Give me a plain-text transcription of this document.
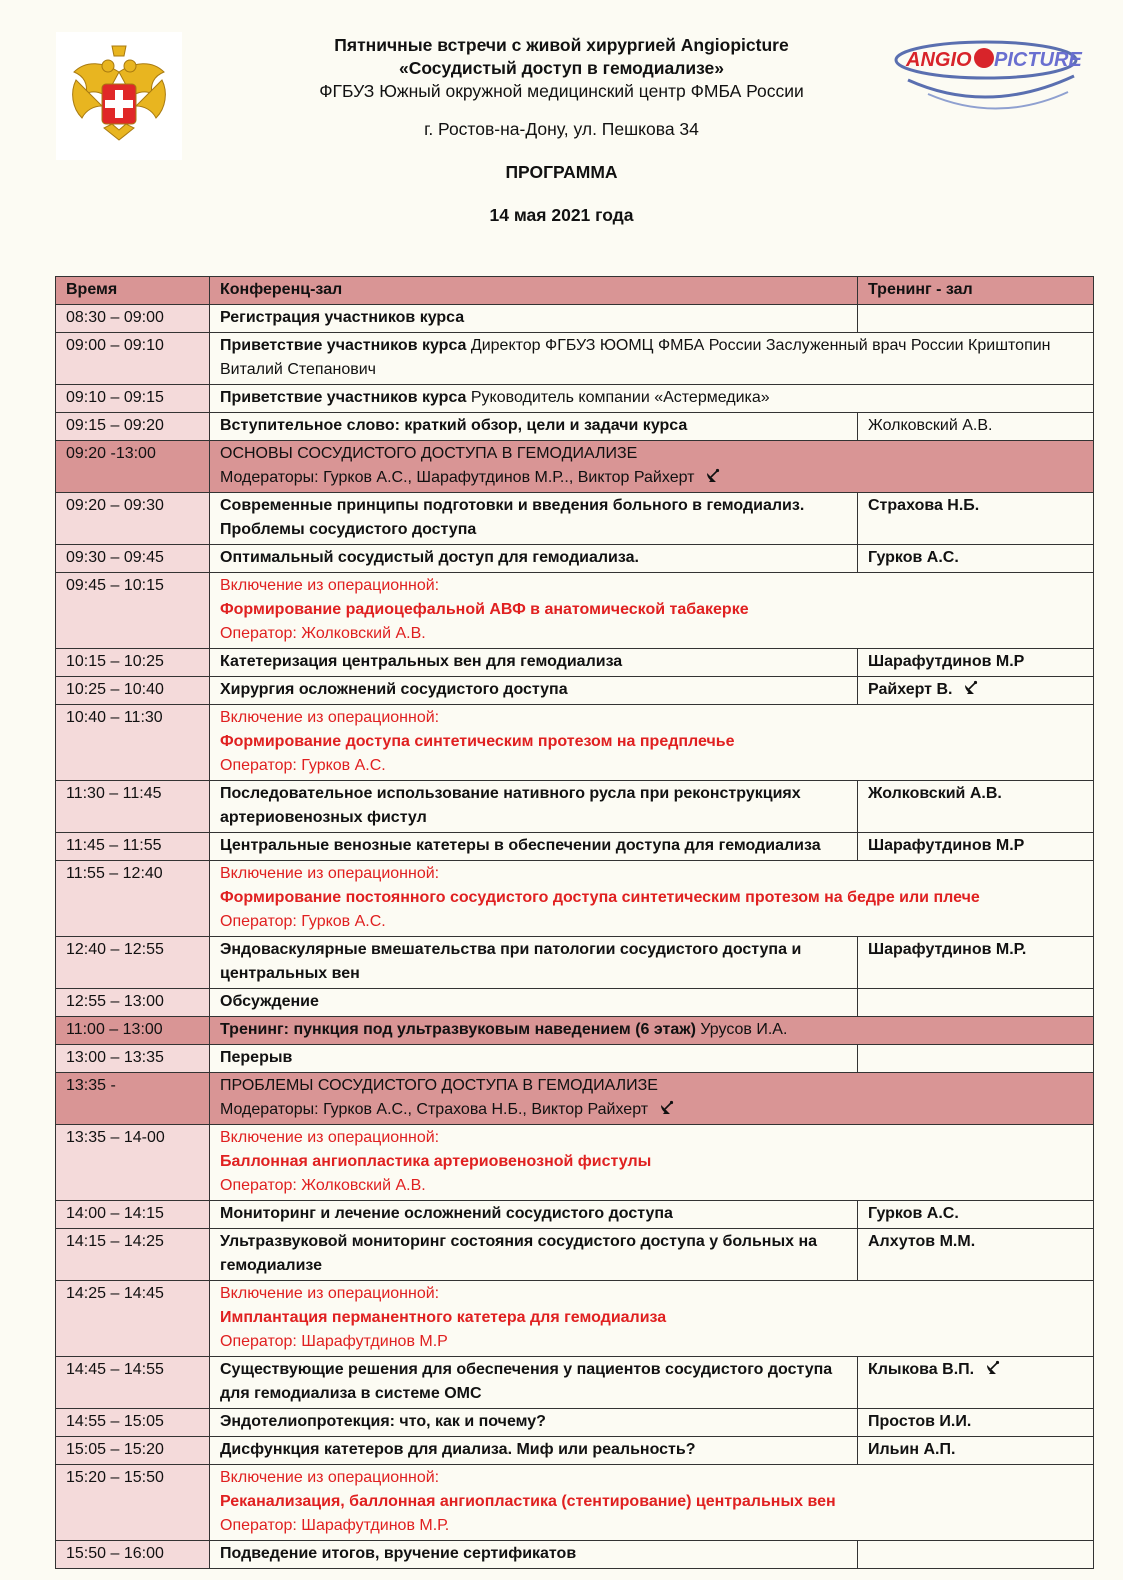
ANGIO PICTURE
Пятничные встречи с живой хирургией Angiopicture
«Сосудистый доступ в гемодиализе»
ФГБУЗ Южный окружной медицинский центр ФМБА России
г. Ростов-на-Дону, ул. Пешкова 34
ПРОГРАММА
14 мая 2021 года
Время	Конференц-зал	Тренинг - зал
08:30 – 09:00	Регистрация участников курса	
09:00 – 09:10	Приветствие участников курса Директор ФГБУЗ ЮОМЦ ФМБА России Заслуженный врач России Криштопин Виталий Степанович	
09:10 – 09:15	Приветствие участников курса Руководитель компании «Астермедика»	
09:15 – 09:20	Вступительное слово: краткий обзор, цели и задачи курса	Жолковский А.В.
09:20 -13:00	ОСНОВЫ СОСУДИСТОГО ДОСТУПА В ГЕМОДИАЛИЗЕ
Модераторы: Гурков А.С., Шарафутдинов М.Р.., Виктор Райхерт	

09:20 – 09:30	Современные принципы подготовки и введения больного в гемодиализ. Проблемы сосудистого доступа	Страхова Н.Б.
09:30 – 09:45	Оптимальный сосудистый доступ для гемодиализа.	Гурков А.С.
09:45 – 10:15	Включение из операционной:
Формирование радиоцефальной АВФ в анатомической табакерке
Оператор: Жолковский А.В.	

10:15 – 10:25	Катетеризация центральных вен для гемодиализа	Шарафутдинов М.Р
10:25 – 10:40	Хирургия осложнений сосудистого доступа	Райхерт В.
10:40 – 11:30	Включение из операционной:
Формирование доступа синтетическим протезом на предплечье
Оператор: Гурков А.С.	

11:30 – 11:45	Последовательное использование нативного русла при реконструкциях артериовенозных фистул	Жолковский А.В.
11:45 – 11:55	Центральные венозные катетеры в обеспечении доступа для гемодиализа	Шарафутдинов М.Р
11:55 – 12:40	Включение из операционной:
Формирование постоянного сосудистого доступа синтетическим протезом на бедре или плече
Оператор: Гурков А.С.	

12:40 – 12:55	Эндоваскулярные вмешательства при патологии сосудистого доступа и центральных вен	Шарафутдинов М.Р.
12:55 – 13:00	Обсуждение	
11:00 – 13:00	Тренинг: пункция под ультразвуковым наведением (6 этаж) Урусов И.А.	
13:00 – 13:35	Перерыв	
13:35 -	ПРОБЛЕМЫ СОСУДИСТОГО ДОСТУПА В ГЕМОДИАЛИЗЕ
Модераторы: Гурков А.С., Страхова Н.Б., Виктор Райхерт	

13:35 – 14-00	Включение из операционной:
Баллонная ангиопластика артериовенозной фистулы
Оператор: Жолковский А.В.	

14:00 – 14:15	Мониторинг и лечение осложнений сосудистого доступа	Гурков А.С.
14:15 – 14:25	Ультразвуковой мониторинг состояния сосудистого доступа у больных на гемодиализе	Алхутов М.М.
14:25 – 14:45	Включение из операционной:
Имплантация перманентного катетера для гемодиализа
Оператор: Шарафутдинов М.Р	

14:45 – 14:55	Существующие решения для обеспечения у пациентов сосудистого доступа для гемодиализа в системе ОМС	Клыкова В.П.
14:55 – 15:05	Эндотелиопротекция: что, как и почему?	Простов И.И.
15:05 – 15:20	Дисфункция катетеров для диализа. Миф или реальность?	Ильин А.П.
15:20 – 15:50	Включение из операционной:
Реканализация, баллонная ангиопластика (стентирование) центральных вен
Оператор: Шарафутдинов М.Р.	

15:50 – 16:00	Подведение итогов, вручение сертификатов	
